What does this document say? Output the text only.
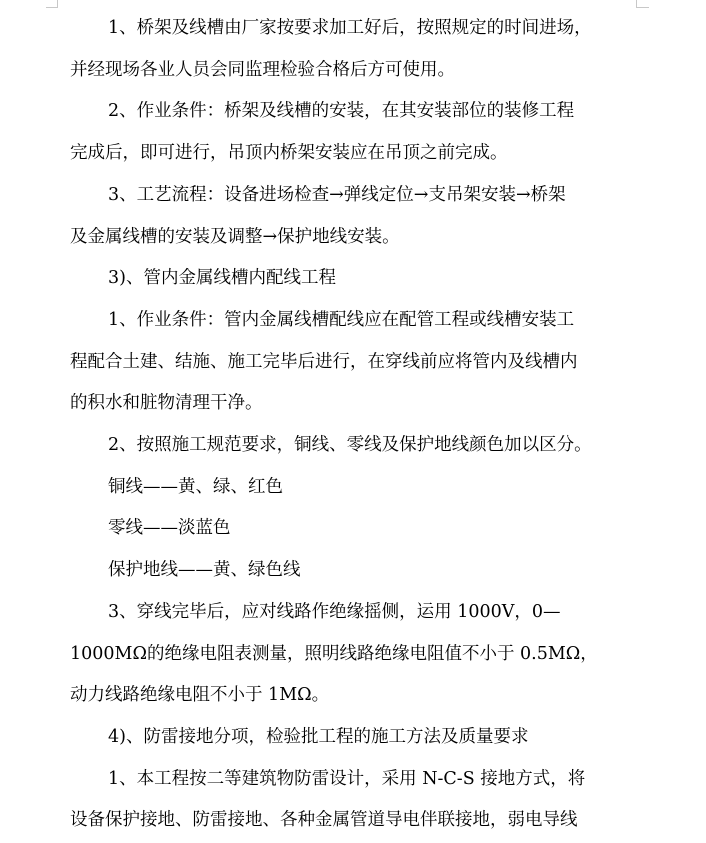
1、桥架及线槽由厂家按要求加工好后，按照规定的时间进场，
并经现场各业人员会同监理检验合格后方可使用。
2、作业条件：桥架及线槽的安装，在其安装部位的装修工程
完成后，即可进行，吊顶内桥架安装应在吊顶之前完成。
3、工艺流程：设备进场检查→弹线定位→支吊架安装→桥架
及金属线槽的安装及调整→保护地线安装。
3)、管内金属线槽内配线工程
1、作业条件：管内金属线槽配线应在配管工程或线槽安装工
程配合土建、结施、施工完毕后进行，在穿线前应将管内及线槽内
的积水和脏物清理干净。
2、按照施工规范要求，铜线、零线及保护地线颜色加以区分。
铜线——黄、绿、红色
零线——淡蓝色
保护地线——黄、绿色线
3、穿线完毕后，应对线路作绝缘摇侧，运用 1000V，0—
1000MΩ的绝缘电阻表测量，照明线路绝缘电阻值不小于 0.5MΩ，
动力线路绝缘电阻不小于 1MΩ。
4)、防雷接地分项，检验批工程的施工方法及质量要求
1、本工程按二等建筑物防雷设计，采用 N-C-S 接地方式，将
设备保护接地、防雷接地、各种金属管道导电伴联接地，弱电导线
